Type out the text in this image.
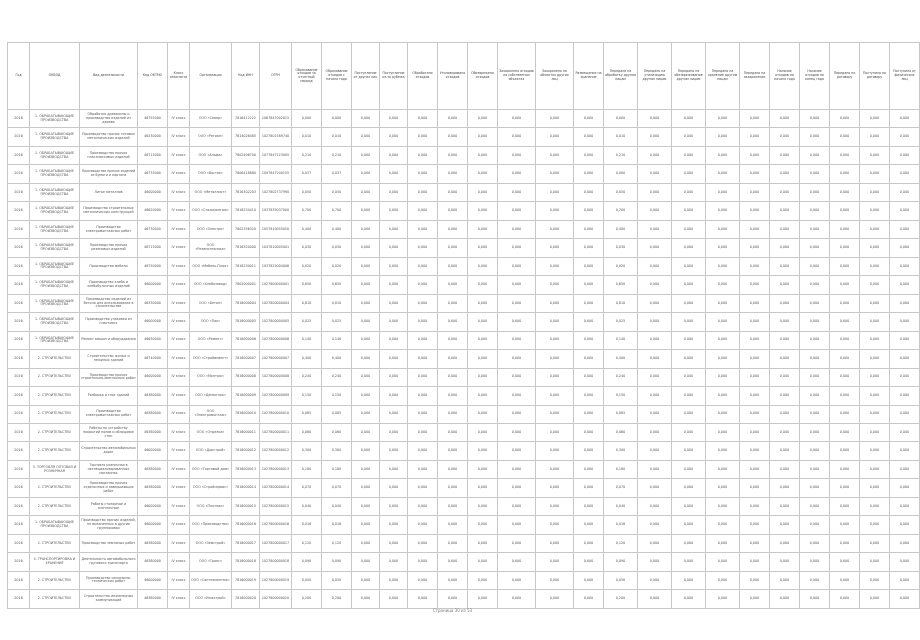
Год	ОКВЭД	Вид деятельности	Код ОКТМО	Класс опасности	Организация	Код ИНН	ОГРН	Образование отходов за отчетный период	Образование отходов с начала года	Поступление от других лиц	Поступление из-за рубежа	Обработано отходов	Утилизировано отходов	Обезврежено отходов	Захоронено отходов на собственных объектах	Захоронено на объектах других лиц	Размещение на хранение	Передано на обработку другим лицам	Передано на утилизацию другим лицам	Передано на обезвреживание другим лицам	Передано на хранение другим лицам	Передано на захоронение	Наличие отходов на начало года	Наличие отходов на конец года	Передано по договору	Поступило по договору	Поступило от физических лиц
2016	1. ОБРАБАТЫВАЮЩИЕ ПРОИЗВОДСТВА	Обработка древесины и производство изделий из дерева	46755000	IV класс	ООО «Север»	7816412222	1067847002015	0,000	0,000	0,000	0,000	0,000	0,000	0,000	0,000	0,000	0,000	0,000	0,000	0,000	0,000	0,000	0,000	0,000	0,000	0,000	0,000
2016	1. ОБРАБАТЫВАЮЩИЕ ПРОИЗВОДСТВА	Производство прочих готовых металлических изделий	46230000	IV класс	ООО «Регион»	7814026485	1027801589740	0,010	0,010	0,000	0,000	0,000	0,000	0,000	0,000	0,000	0,000	0,010	0,000	0,000	0,000	0,000	0,000	0,000	0,000	0,000	0,000
2016	1. ОБРАБАТЫВАЮЩИЕ ПРОИЗВОДСТВА	Производство прочих пластмассовых изделий	46715000	IV класс	ООО «Альфа»	7802406700	1077847123005	0,210	0,210	0,000	0,000	0,000	0,000	0,000	0,000	0,000	0,000	0,210	0,000	0,000	0,000	0,000	0,000	0,000	0,000	0,000	0,000
2016	1. ОБРАБАТЫВАЮЩИЕ ПРОИЗВОДСТВА	Производство прочих изделий из бумаги и картона	46735000	IV класс	ООО «Восток»	7806418880	1097847200155	0,037	0,037	0,000	0,000	0,000	0,000	0,000	0,000	0,000	0,000	0,000	0,000	0,000	0,000	0,000	0,000	0,000	0,000	0,000	0,000
2016	1. ОБРАБАТЫВАЮЩИЕ ПРОИЗВОДСТВА	Литье металлов	46000000	IV класс	ООО «Металлист»	7816302203	1027802737990	0,050	0,050	0,000	0,000	0,000	0,000	0,000	0,000	0,000	0,000	0,050	0,000	0,000	0,000	0,000	0,000	0,000	0,000	0,000	0,000
2016	1. ОБРАБАТЫВАЮЩИЕ ПРОИЗВОДСТВА	Производство строительных металлических конструкций	46620000	IV класс	ООО «Стальмонтаж»	7816234410	1037835037000	0,700	0,700	0,000	0,000	0,000	0,000	0,000	0,000	0,000	0,000	0,700	0,000	0,000	0,000	0,000	0,000	0,000	0,000	0,000	0,000
2016	1. ОБРАБАТЫВАЮЩИЕ ПРОИЗВОДСТВА	Производство электромонтажных работ	46730000	IV класс	ООО «Электро»	7802356320	1057810055050	0,400	0,400	0,000	0,000	0,000	0,000	0,000	0,000	0,000	0,000	0,400	0,000	0,000	0,000	0,000	0,000	0,000	0,000	0,000	0,000
2016	1. ОБРАБАТЫВАЮЩИЕ ПРОИЗВОДСТВА	Производство прочих резиновых изделий	46715000	IV класс	ООО «Резинотехника»	7816320000	1047810005001	0,030	0,030	0,000	0,000	0,000	0,000	0,000	0,000	0,000	0,000	0,030	0,000	0,000	0,000	0,000	0,000	0,000	0,000	0,000	0,000
2016	1. ОБРАБАТЫВАЮЩИЕ ПРОИЗВОДСТВА	Производство мебели	46750000	IV класс	ООО «Мебель-Плюс»	7816230011	1037825004006	0,020	0,020	0,000	0,000	0,000	0,000	0,000	0,000	0,000	0,000	0,020	0,000	0,000	0,000	0,000	0,000	0,000	0,000	0,000	0,000
2016	1. ОБРАБАТЫВАЮЩИЕ ПРОИЗВОДСТВА	Производство хлеба и хлебобулочных изделий	46000000	IV класс	ООО «Хлебозавод»	7802000001	1027800000001	0,650	0,650	0,000	0,000	0,000	0,000	0,000	0,000	0,000	0,000	0,650	0,000	0,000	0,000	0,000	0,000	0,000	0,000	0,000	0,000
2016	1. ОБРАБАТЫВАЮЩИЕ ПРОИЗВОДСТВА	Производство изделий из бетона для использования в строительстве	46330000	IV класс	ООО «Бетон»	7816000004	1027800000004	0,810	0,810	0,000	0,000	0,000	0,000	0,000	0,000	0,000	0,000	0,810	0,000	0,000	0,000	0,000	0,000	0,000	0,000	0,000	0,000
2016	1. ОБРАБАТЫВАЮЩИЕ ПРОИЗВОДСТВА	Производство упаковки из пластмасс	46000000	IV класс	ООО «Пак»	7816000005	1027800000005	0,025	0,025	0,000	0,000	0,000	0,000	0,000	0,000	0,000	0,000	0,025	0,000	0,000	0,000	0,000	0,000	0,000	0,000	0,000	0,000
2016	1. ОБРАБАТЫВАЮЩИЕ ПРОИЗВОДСТВА	Ремонт машин и оборудования	46630000	IV класс	ООО «Ремонт»	7816000006	1027800000006	0,140	0,140	0,000	0,000	0,000	0,000	0,000	0,000	0,000	0,000	0,140	0,000	0,000	0,000	0,000	0,000	0,000	0,000	0,000	0,000
2016	2. СТРОИТЕЛЬСТВО	Строительство жилых и нежилых зданий	46740000	IV класс	ООО «Стройинвест»	7816000007	1027800000007	0,400	0,400	0,000	0,000	0,000	0,000	0,000	0,000	0,000	0,000	0,400	0,000	0,000	0,000	0,000	0,000	0,000	0,000	0,000	0,000
2016	2. СТРОИТЕЛЬСТВО	Производство прочих строительно-монтажных работ	46000000	IV класс	ООО «Монтаж»	7816000008	1027800000008	0,240	0,240	0,000	0,000	0,000	0,000	0,000	0,000	0,000	0,000	0,240	0,000	0,000	0,000	0,000	0,000	0,000	0,000	0,000	0,000
2016	2. СТРОИТЕЛЬСТВО	Разборка и снос зданий	46380000	IV класс	ООО «Демонтаж»	7816000009	1027800000009	0,150	0,150	0,000	0,000	0,000	0,000	0,000	0,000	0,000	0,000	0,150	0,000	0,000	0,000	0,000	0,000	0,000	0,000	0,000	0,000
2016	2. СТРОИТЕЛЬСТВО	Производство электромонтажных работ	46380000	IV класс	ООО «Электромонтаж»	7816000010	1027800000010	0,085	0,085	0,000	0,000	0,000	0,000	0,000	0,000	0,000	0,000	0,085	0,000	0,000	0,000	0,000	0,000	0,000	0,000	0,000	0,000
2016	2. СТРОИТЕЛЬСТВО	Работы по устройству покрытий полов и облицовке стен	46380000	IV класс	ООО «Отделка»	7816000011	1027800000011	0,060	0,060	0,000	0,000	0,000	0,000	0,000	0,000	0,000	0,000	0,060	0,000	0,000	0,000	0,000	0,000	0,000	0,000	0,000	0,000
2016	2. СТРОИТЕЛЬСТВО	Строительство автомобильных дорог	46000000	IV класс	ООО «Дорстрой»	7816000012	1027800000012	0,300	0,300	0,000	0,000	0,000	0,000	0,000	0,000	0,000	0,000	0,300	0,000	0,000	0,000	0,000	0,000	0,000	0,000	0,000	0,000
2016	3. ТОРГОВЛЯ ОПТОВАЯ И РОЗНИЧНАЯ	Торговля розничная в неспециализированных магазинах	46380000	IV класс	ООО «Торговый дом»	7816000013	1027800000013	0,180	0,180	0,000	0,000	0,000	0,000	0,000	0,000	0,000	0,000	0,180	0,000	0,000	0,000	0,000	0,000	0,000	0,000	0,000	0,000
2016	2. СТРОИТЕЛЬСТВО	Производство прочих отделочных и завершающих работ	46380000	IV класс	ООО «Стройсервис»	7816000014	1027800000014	0,070	0,070	0,000	0,000	0,000	0,000	0,000	0,000	0,000	0,000	0,070	0,000	0,000	0,000	0,000	0,000	0,000	0,000	0,000	0,000
2016	2. СТРОИТЕЛЬСТВО	Работы столярные и плотничные	46000000	IV класс	ООО «Плотник»	7816000015	1027800000015	0,040	0,040	0,000	0,000	0,000	0,000	0,000	0,000	0,000	0,000	0,040	0,000	0,000	0,000	0,000	0,000	0,000	0,000	0,000	0,000
2016	1. ОБРАБАТЫВАЮЩИЕ ПРОИЗВОДСТВА	Производство прочих изделий, не включенных в другие группировки	46000000	IV класс	ООО «Производство»	7816000016	1027800000016	0,016	0,016	0,000	0,000	0,000	0,000	0,000	0,000	0,000	0,000	0,016	0,000	0,000	0,000	0,000	0,000	0,000	0,000	0,000	0,000
2016	2. СТРОИТЕЛЬСТВО	Производство земляных работ	46380000	IV класс	ООО «Земстрой»	7816000017	1027800000017	0,120	0,120	0,000	0,000	0,000	0,000	0,000	0,000	0,000	0,000	0,120	0,000	0,000	0,000	0,000	0,000	0,000	0,000	0,000	0,000
2016	4. ТРАНСПОРТИРОВКА И ХРАНЕНИЕ	Деятельность автомобильного грузового транспорта	46380000	IV класс	ООО «Транс»	7816000018	1027800000018	0,090	0,090	0,000	0,000	0,000	0,000	0,000	0,000	0,000	0,000	0,090	0,000	0,000	0,000	0,000	0,000	0,000	0,000	0,000	0,000
2016	2. СТРОИТЕЛЬСТВО	Производство санитарно-технических работ	46000000	IV класс	ООО «Сантехмонтаж»	7816000019	1027800000019	0,050	0,050	0,000	0,000	0,000	0,000	0,000	0,000	0,000	0,000	0,050	0,000	0,000	0,000	0,000	0,000	0,000	0,000	0,000	0,000
2016	2. СТРОИТЕЛЬСТВО	Строительство инженерных коммуникаций	46380000	IV класс	ООО «Инжстрой»	7816000020	1027800000020	0,200	0,200	0,000	0,000	0,000	0,000	0,000	0,000	0,000	0,000	0,200	0,000	0,000	0,000	0,000	0,000	0,000	0,000	0,000	0,000
Страница 30 из 53
